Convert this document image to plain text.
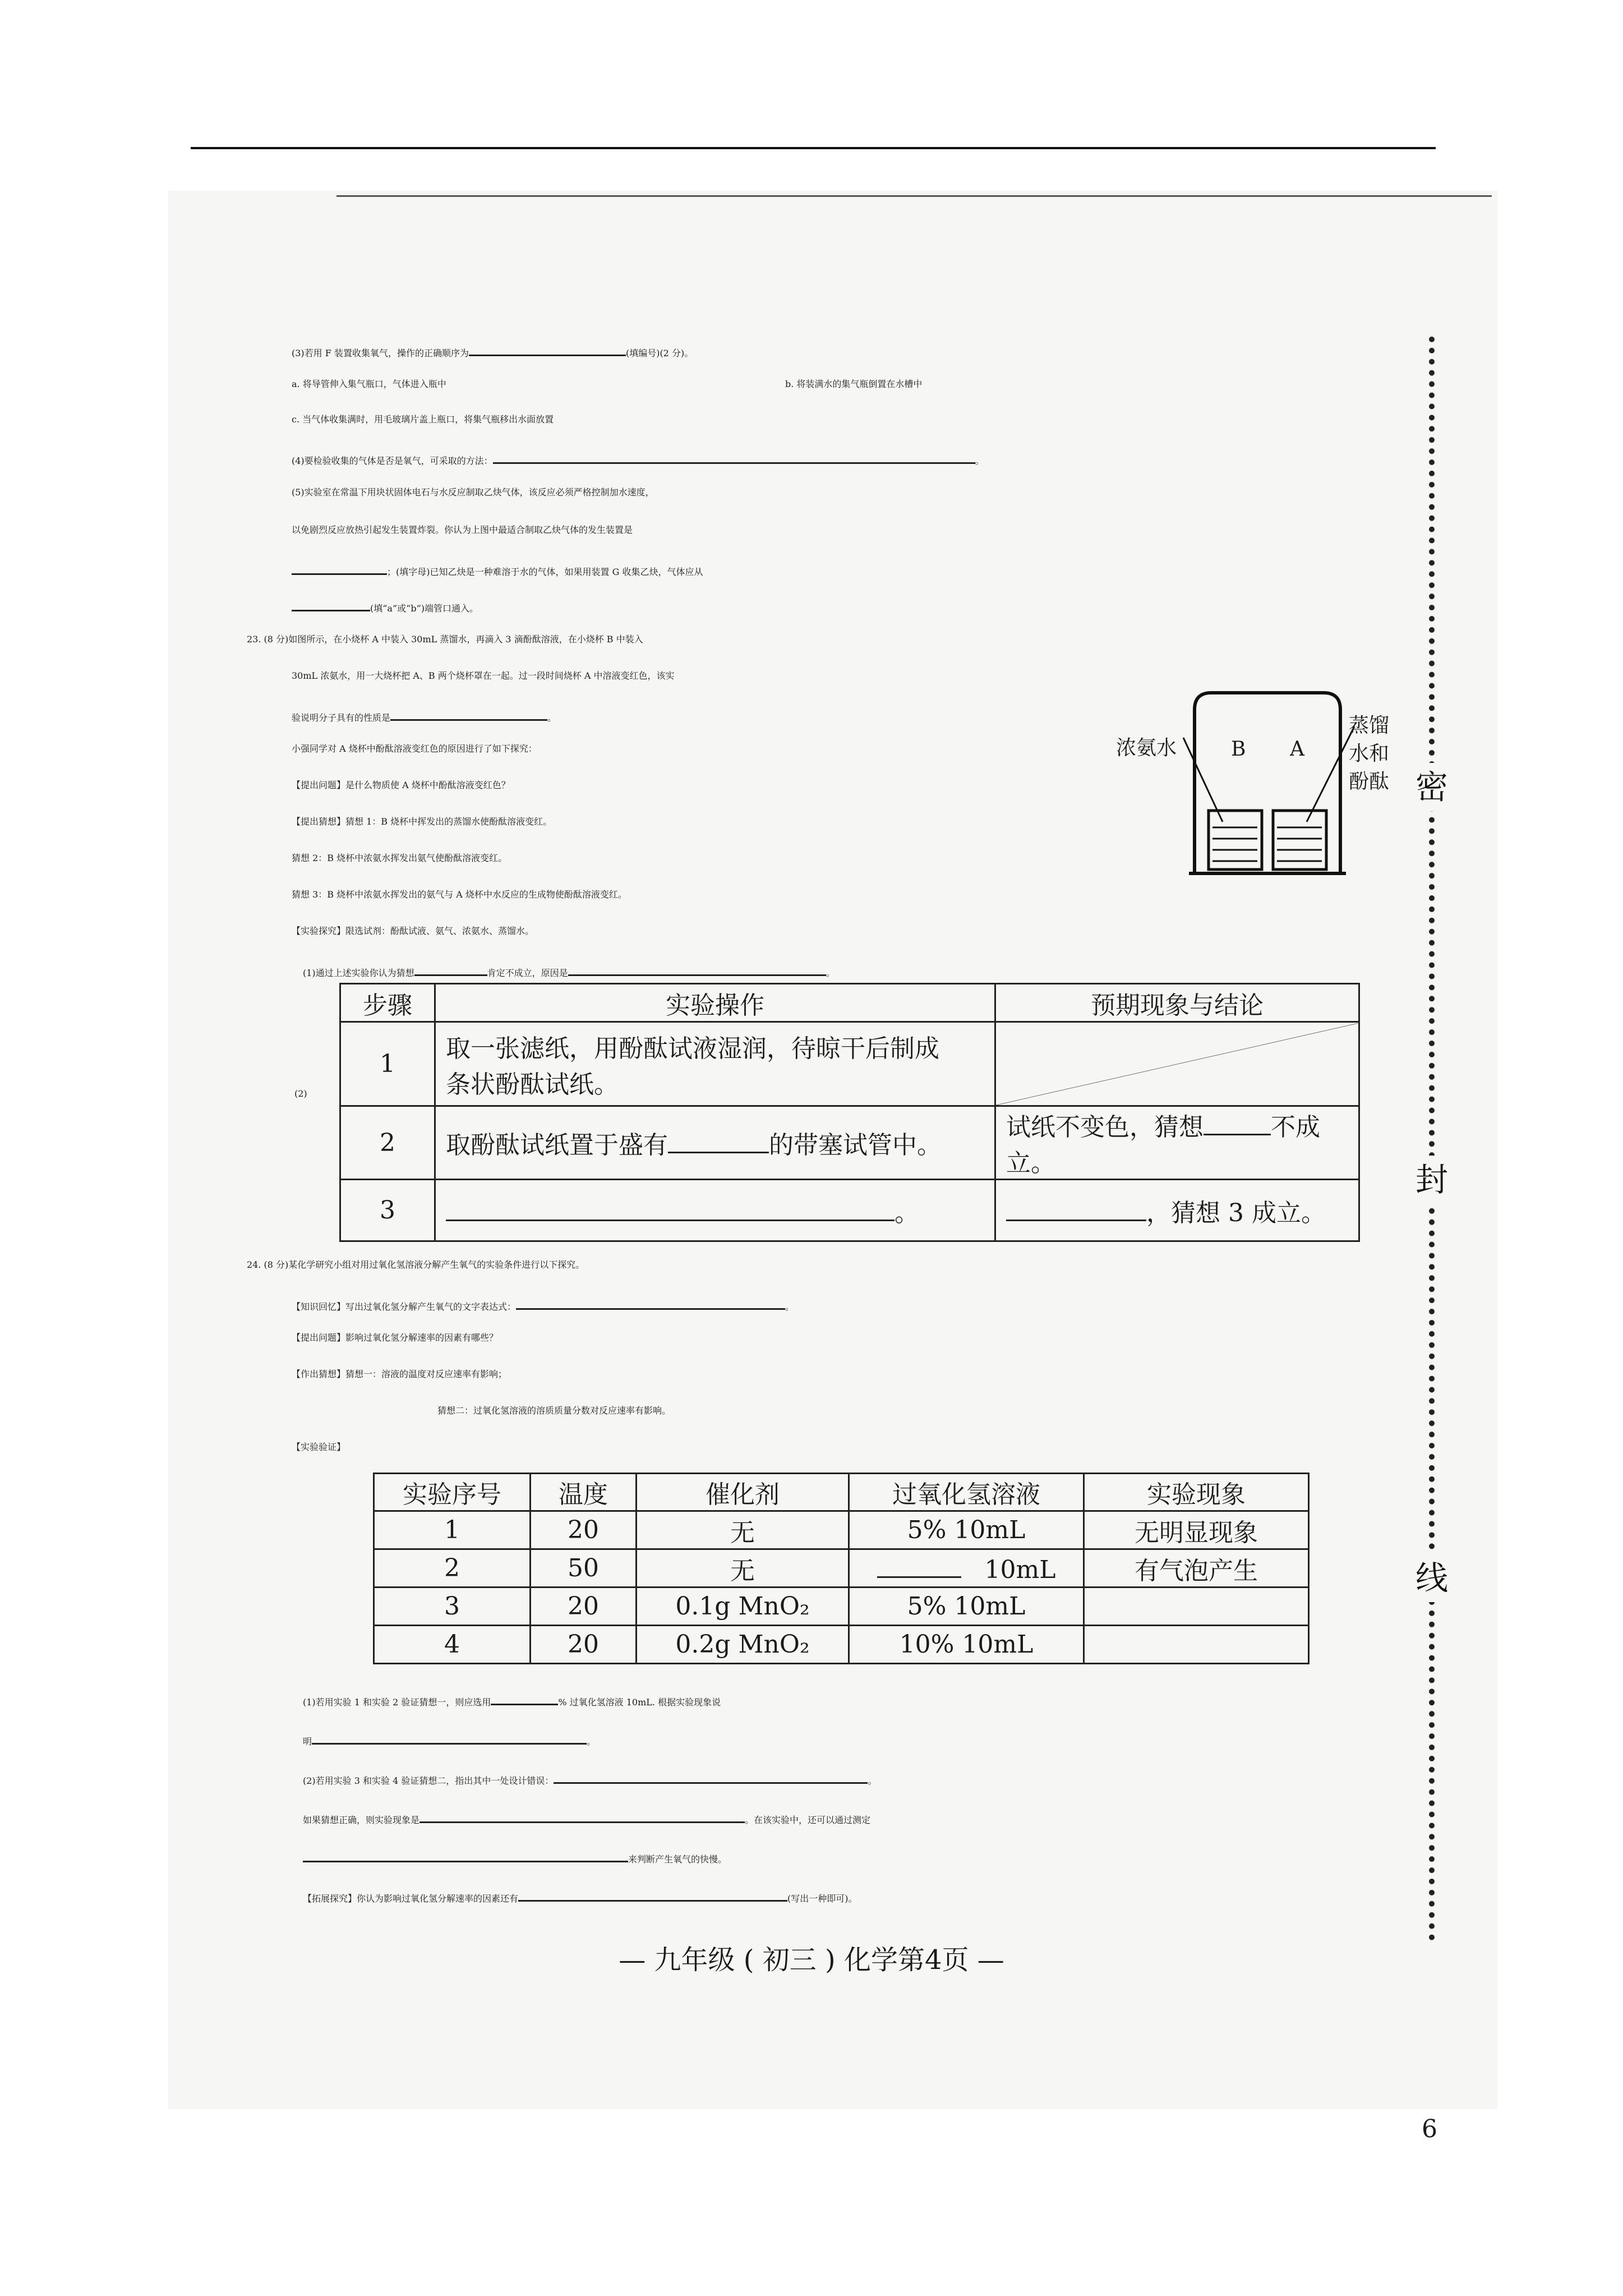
密
封
线
(3)若用 F 装置收集氧气，操作的正确顺序为	(填编号)(2 分)。
a. 将导管伸入集气瓶口，气体进入瓶中	b. 将装满水的集气瓶倒置在水槽中
c. 当气体收集满时，用毛玻璃片盖上瓶口，将集气瓶移出水面放置
(4)要检验收集的气体是否是氧气，可采取的方法：	。
(5)实验室在常温下用块状固体电石与水反应制取乙炔气体，该反应必须严格控制加水速度，
以免剧烈反应放热引起发生装置炸裂。你认为上图中最适合制取乙炔气体的发生装置是
；(填字母)已知乙炔是一种难溶于水的气体，如果用装置 G 收集乙炔，气体应从
(填“a”或“b”)端管口通入。
23. (8 分)如图所示，在小烧杯 A 中装入 30mL 蒸馏水，再滴入 3 滴酚酞溶液，在小烧杯 B 中装入
30mL 浓氨水，用一大烧杯把 A、B 两个烧杯罩在一起。过一段时间烧杯 A 中溶液变红色，该实
验说明分子具有的性质是	。
小强同学对 A 烧杯中酚酞溶液变红色的原因进行了如下探究：
【提出问题】是什么物质使 A 烧杯中酚酞溶液变红色？
【提出猜想】猜想 1：B 烧杯中挥发出的蒸馏水使酚酞溶液变红。
猜想 2：B 烧杯中浓氨水挥发出氨气使酚酞溶液变红。
猜想 3：B 烧杯中浓氨水挥发出的氨气与 A 烧杯中水反应的生成物使酚酞溶液变红。
【实验探究】限选试剂：酚酞试液、氨气、浓氨水、蒸馏水。
(1)通过上述实验你认为猜想	肯定不成立，原因是	。
浓氨水	B A
蒸馏
水和
酚酞
(2)
步骤	实验操作	预期现象与结论
1	取一张滤纸，用酚酞试液湿润，待晾干后制成
条状酚酞试纸。

2	取酚酞试纸置于盛有 的带塞试管中。	试纸不变色，猜想 不成立。
3	。	，猜想 3 成立。
24. (8 分)某化学研究小组对用过氧化氢溶液分解产生氧气的实验条件进行以下探究。
【知识回忆】写出过氧化氢分解产生氧气的文字表达式：	。
【提出问题】影响过氧化氢分解速率的因素有哪些？
【作出猜想】猜想一：溶液的温度对反应速率有影响；
猜想二：过氧化氢溶液的溶质质量分数对反应速率有影响。
【实验验证】
实验序号	温度	催化剂	过氧化氢溶液	实验现象
1	20	无	5% 10mL	无明显现象
2	50	无	10mL	有气泡产生
3	20	0.1g MnO₂	5% 10mL	
4	20	0.2g MnO₂	10% 10mL	
(1)若用实验 1 和实验 2 验证猜想一，则应选用	% 过氧化氢溶液 10mL. 根据实验现象说
明	。
(2)若用实验 3 和实验 4 验证猜想二，指出其中一处设计错误：	。
如果猜想正确，则实验现象是	。在该实验中，还可以通过测定
来判断产生氧气的快慢。
【拓展探究】你认为影响过氧化氢分解速率的因素还有	(写出一种即可)。
— 九年级 ( 初三 ) 化学第4页 —
6
